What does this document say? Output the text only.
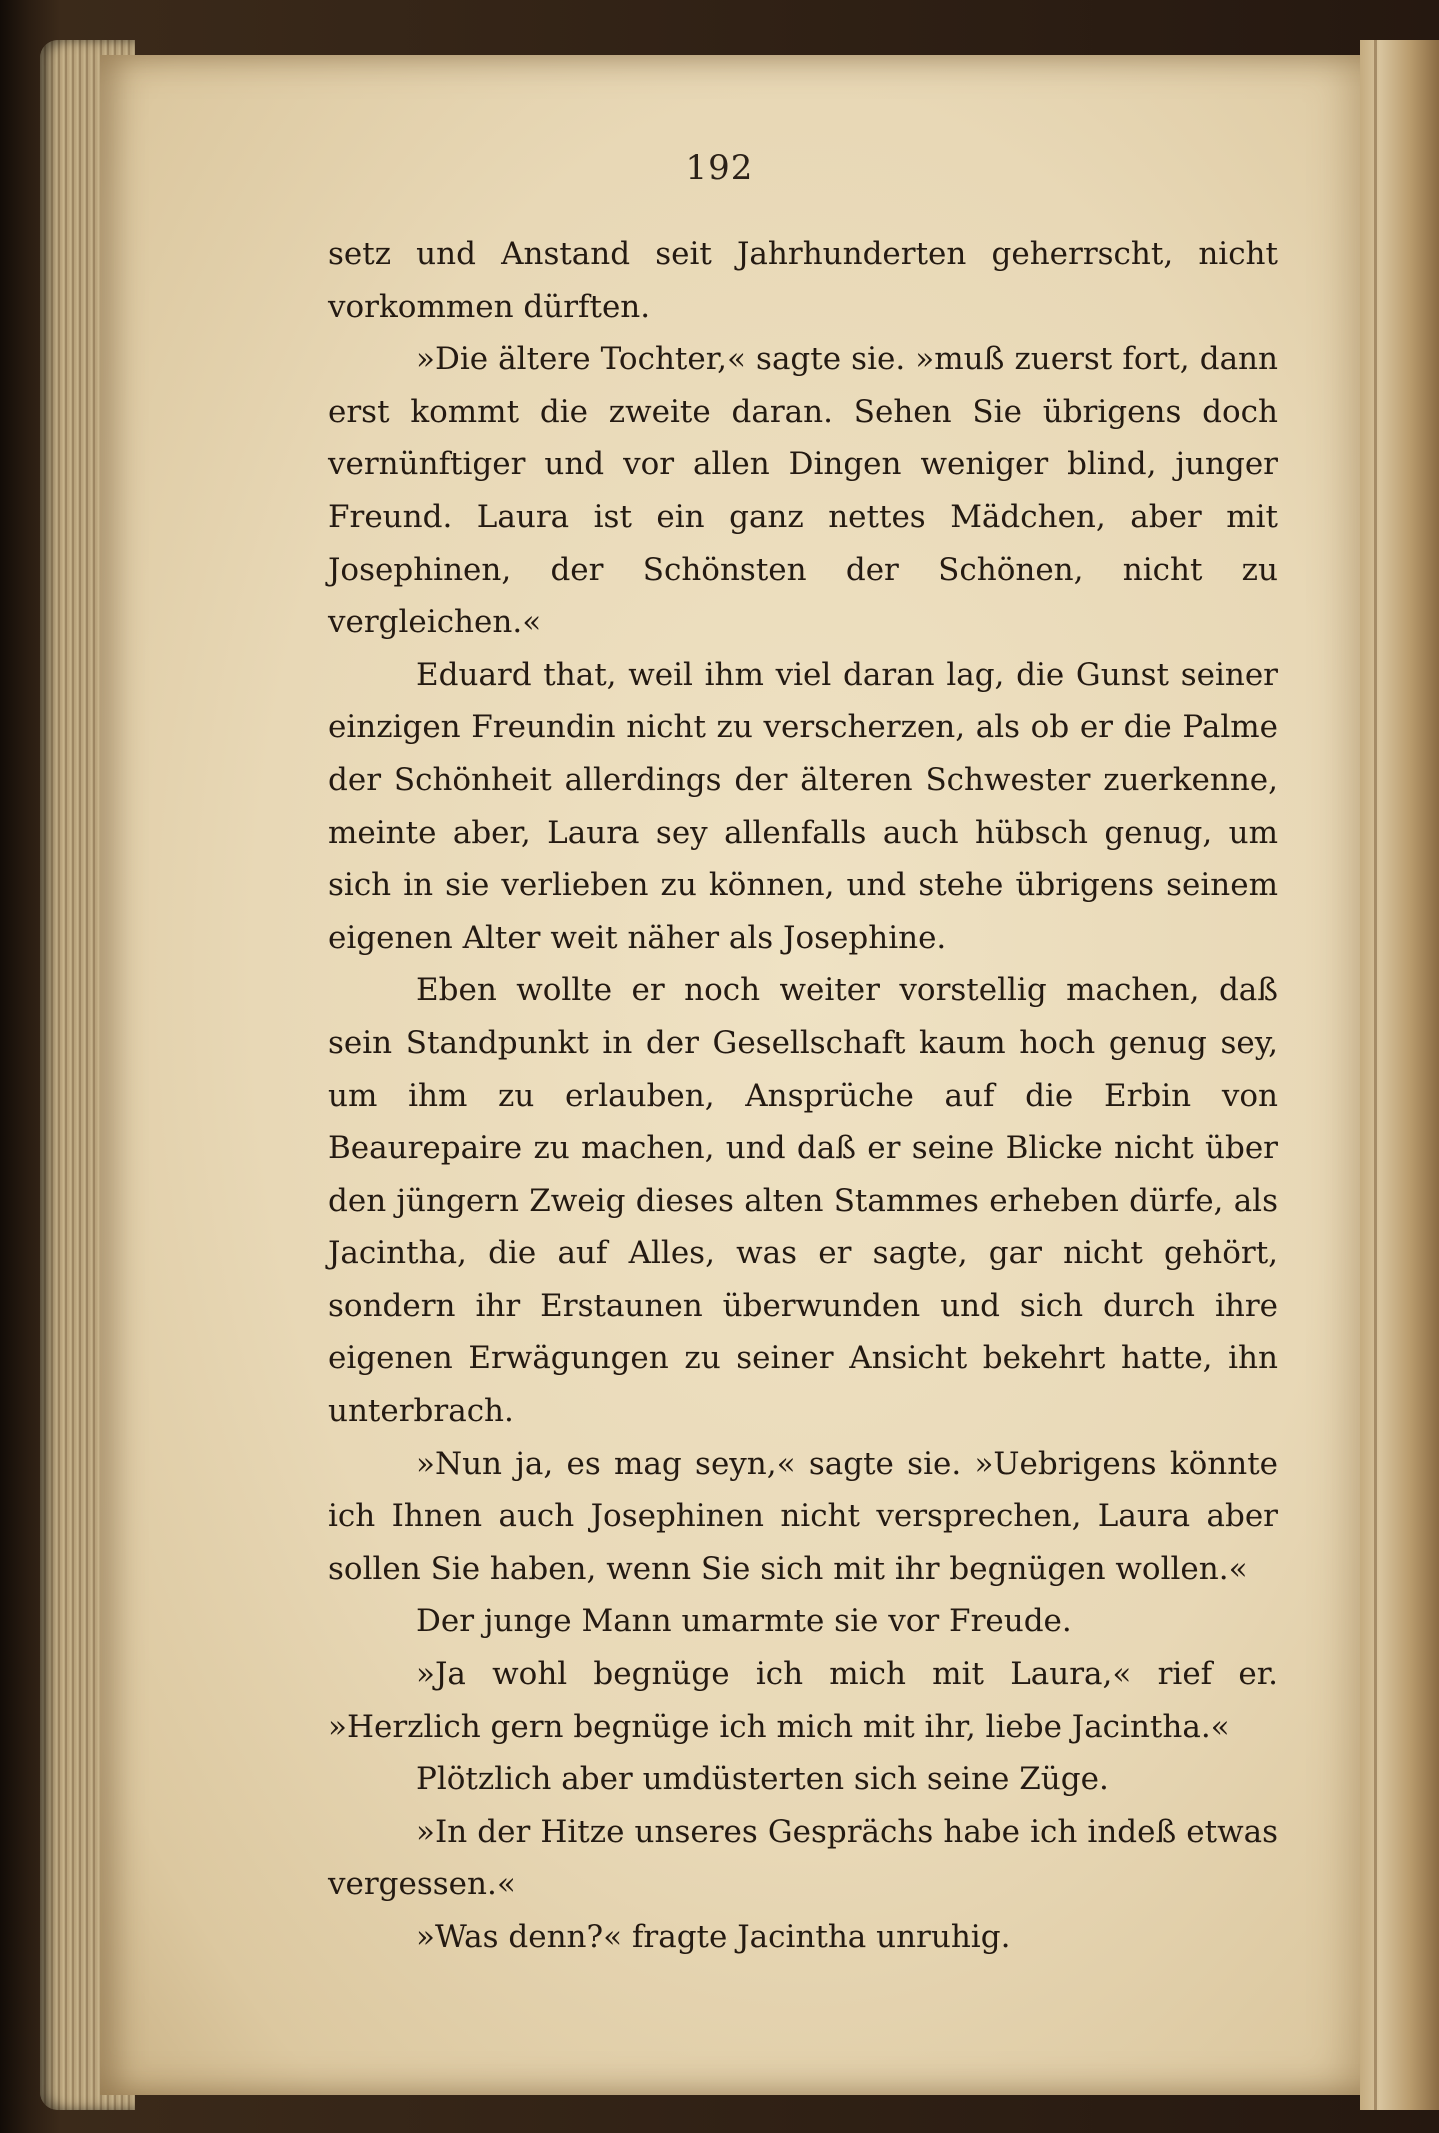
192

setz und Anstand seit Jahrhunderten geherrscht, nicht vorkommen dürften.

»Die ältere Tochter,« sagte sie. »muß zuerst fort, dann erst kommt die zweite daran. Sehen Sie übrigens doch vernünftiger und vor allen Dingen weniger blind, junger Freund. Laura ist ein ganz nettes Mädchen, aber mit Josephinen, der Schönsten der Schönen, nicht zu vergleichen.«

Eduard that, weil ihm viel daran lag, die Gunst seiner einzigen Freundin nicht zu verscherzen, als ob er die Palme der Schönheit allerdings der älteren Schwester zuerkenne, meinte aber, Laura sey allenfalls auch hübsch genug, um sich in sie verlieben zu können, und stehe übrigens seinem eigenen Alter weit näher als Josephine.

Eben wollte er noch weiter vorstellig machen, daß sein Standpunkt in der Gesellschaft kaum hoch genug sey, um ihm zu erlauben, Ansprüche auf die Erbin von Beaurepaire zu machen, und daß er seine Blicke nicht über den jüngern Zweig dieses alten Stammes erheben dürfe, als Jacintha, die auf Alles, was er sagte, gar nicht gehört, sondern ihr Erstaunen überwunden und sich durch ihre eigenen Erwägungen zu seiner Ansicht bekehrt hatte, ihn unterbrach.

»Nun ja, es mag seyn,« sagte sie. »Uebrigens könnte ich Ihnen auch Josephinen nicht versprechen, Laura aber sollen Sie haben, wenn Sie sich mit ihr begnügen wollen.«

Der junge Mann umarmte sie vor Freude.

»Ja wohl begnüge ich mich mit Laura,« rief er. »Herzlich gern begnüge ich mich mit ihr, liebe Jacintha.«

Plötzlich aber umdüsterten sich seine Züge.

»In der Hitze unseres Gesprächs habe ich indeß etwas vergessen.«

»Was denn?« fragte Jacintha unruhig.
